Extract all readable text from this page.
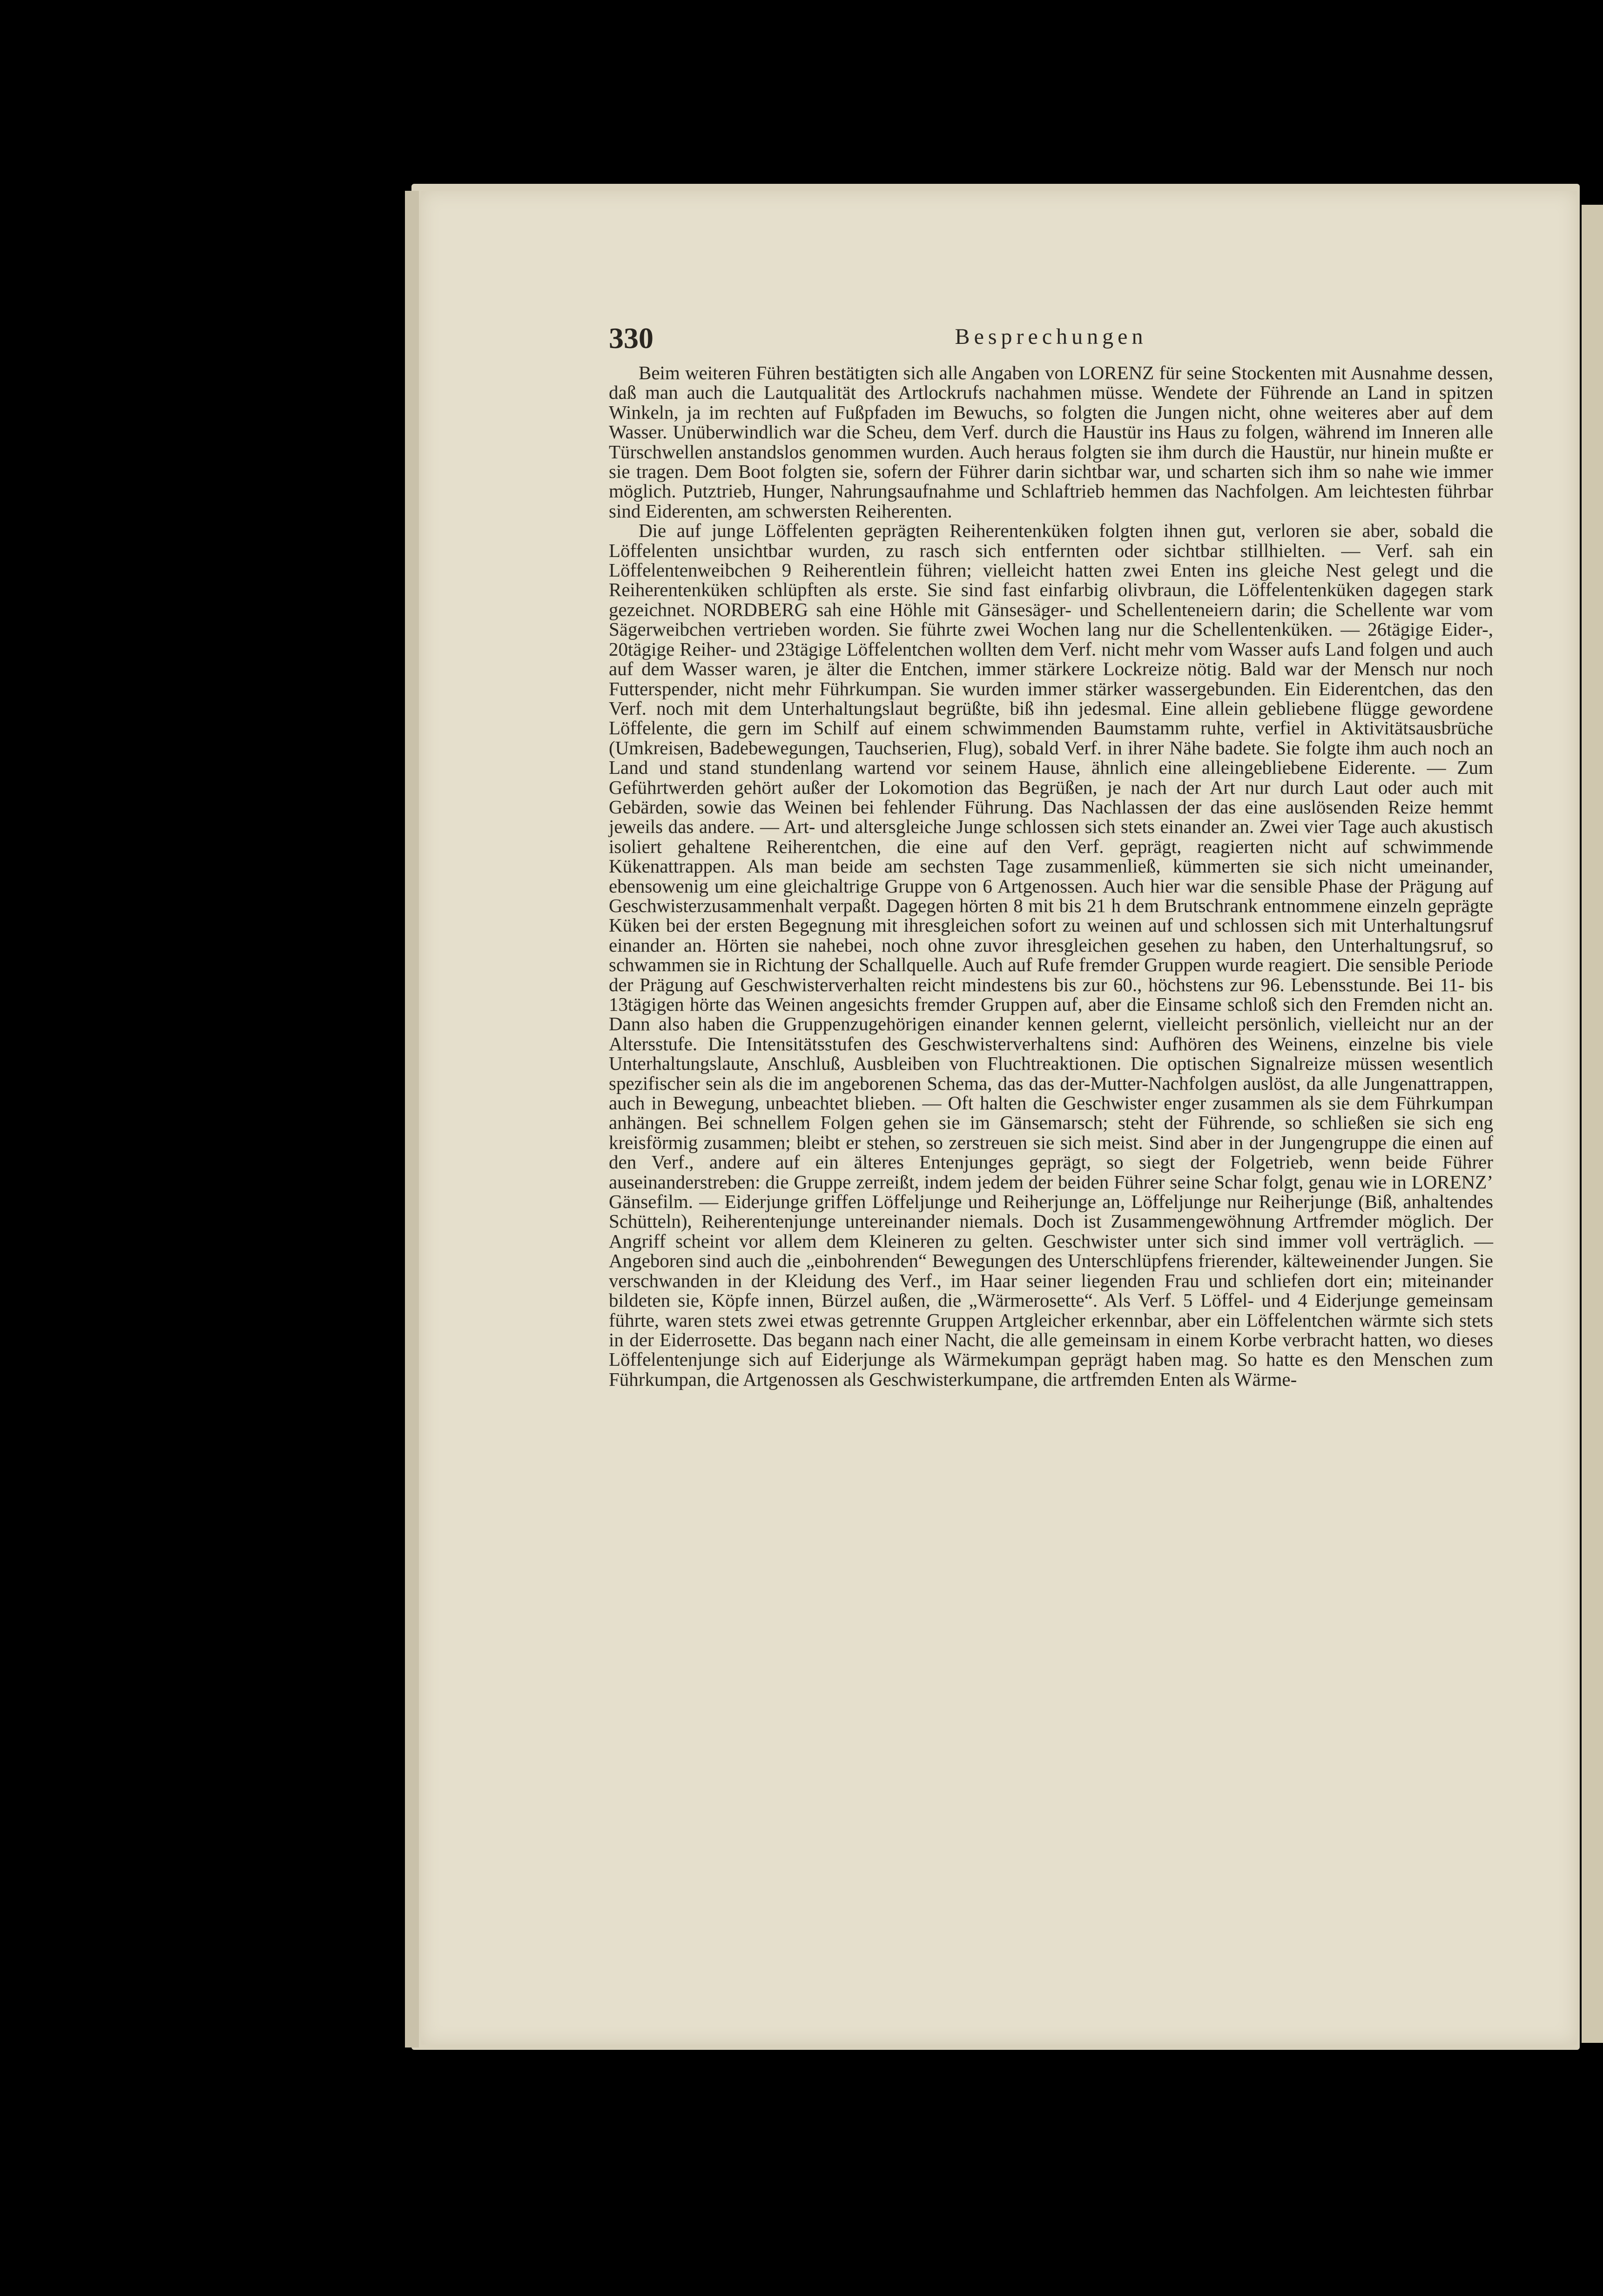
330	Besprechungen

Beim weiteren Führen bestätigten sich alle Angaben von LORENZ für seine Stockenten mit Ausnahme dessen, daß man auch die Lautqualität des Artlockrufs nachahmen müsse. Wendete der Führende an Land in spitzen Winkeln, ja im rechten auf Fußpfaden im Bewuchs, so folgten die Jungen nicht, ohne weiteres aber auf dem Wasser. Unüberwindlich war die Scheu, dem Verf. durch die Haustür ins Haus zu folgen, während im Inneren alle Türschwellen anstandslos genommen wurden. Auch heraus folgten sie ihm durch die Haustür, nur hinein mußte er sie tragen. Dem Boot folgten sie, sofern der Führer darin sichtbar war, und scharten sich ihm so nahe wie immer möglich. Putztrieb, Hunger, Nahrungsaufnahme und Schlaftrieb hemmen das Nachfolgen. Am leichtesten führbar sind Eiderenten, am schwersten Reiherenten.

Die auf junge Löffelenten geprägten Reiherentenküken folgten ihnen gut, verloren sie aber, sobald die Löffelenten unsichtbar wurden, zu rasch sich entfernten oder sichtbar stillhielten. — Verf. sah ein Löffelentenweibchen 9 Reiherentlein führen; vielleicht hatten zwei Enten ins gleiche Nest gelegt und die Reiherentenküken schlüpften als erste. Sie sind fast einfarbig olivbraun, die Löffelentenküken dagegen stark gezeichnet. NORDBERG sah eine Höhle mit Gänsesäger- und Schellenteneiern darin; die Schellente war vom Sägerweibchen vertrieben worden. Sie führte zwei Wochen lang nur die Schellentenküken. — 26tägige Eider-, 20tägige Reiher- und 23tägige Löffelentchen wollten dem Verf. nicht mehr vom Wasser aufs Land folgen und auch auf dem Wasser waren, je älter die Entchen, immer stärkere Lockreize nötig. Bald war der Mensch nur noch Futterspender, nicht mehr Führkumpan. Sie wurden immer stärker wassergebunden. Ein Eiderentchen, das den Verf. noch mit dem Unterhaltungslaut begrüßte, biß ihn jedesmal. Eine allein gebliebene flügge gewordene Löffelente, die gern im Schilf auf einem schwimmenden Baumstamm ruhte, verfiel in Aktivitätsausbrüche (Umkreisen, Badebewegungen, Tauchserien, Flug), sobald Verf. in ihrer Nähe badete. Sie folgte ihm auch noch an Land und stand stundenlang wartend vor seinem Hause, ähnlich eine alleingebliebene Eiderente. — Zum Geführtwerden gehört außer der Lokomotion das Begrüßen, je nach der Art nur durch Laut oder auch mit Gebärden, sowie das Weinen bei fehlender Führung. Das Nachlassen der das eine auslösenden Reize hemmt jeweils das andere. — Art- und altersgleiche Junge schlossen sich stets einander an. Zwei vier Tage auch akustisch isoliert gehaltene Reiherentchen, die eine auf den Verf. geprägt, reagierten nicht auf schwimmende Kükenattrappen. Als man beide am sechsten Tage zusammenließ, kümmerten sie sich nicht umeinander, ebensowenig um eine gleichaltrige Gruppe von 6 Artgenossen. Auch hier war die sensible Phase der Prägung auf Geschwisterzusammenhalt verpaßt. Dagegen hörten 8 mit bis 21 h dem Brutschrank entnommene einzeln geprägte Küken bei der ersten Begegnung mit ihresgleichen sofort zu weinen auf und schlossen sich mit Unterhaltungsruf einander an. Hörten sie nahebei, noch ohne zuvor ihresgleichen gesehen zu haben, den Unterhaltungsruf, so schwammen sie in Richtung der Schallquelle. Auch auf Rufe fremder Gruppen wurde reagiert. Die sensible Periode der Prägung auf Geschwisterverhalten reicht mindestens bis zur 60., höchstens zur 96. Lebensstunde. Bei 11- bis 13tägigen hörte das Weinen angesichts fremder Gruppen auf, aber die Einsame schloß sich den Fremden nicht an. Dann also haben die Gruppenzugehörigen einander kennen gelernt, vielleicht persönlich, vielleicht nur an der Altersstufe. Die Intensitätsstufen des Geschwisterverhaltens sind: Aufhören des Weinens, einzelne bis viele Unterhaltungslaute, Anschluß, Ausbleiben von Fluchtreaktionen. Die optischen Signalreize müssen wesentlich spezifischer sein als die im angeborenen Schema, das das der-Mutter-Nachfolgen auslöst, da alle Jungenattrappen, auch in Bewegung, unbeachtet blieben. — Oft halten die Geschwister enger zusammen als sie dem Führkumpan anhängen. Bei schnellem Folgen gehen sie im Gänsemarsch; steht der Führende, so schließen sie sich eng kreisförmig zusammen; bleibt er stehen, so zerstreuen sie sich meist. Sind aber in der Jungengruppe die einen auf den Verf., andere auf ein älteres Entenjunges geprägt, so siegt der Folgetrieb, wenn beide Führer auseinanderstreben: die Gruppe zerreißt, indem jedem der beiden Führer seine Schar folgt, genau wie in LORENZ’ Gänsefilm. — Eiderjunge griffen Löffeljunge und Reiherjunge an, Löffeljunge nur Reiherjunge (Biß, anhaltendes Schütteln), Reiherentenjunge untereinander niemals. Doch ist Zusammengewöhnung Artfremder möglich. Der Angriff scheint vor allem dem Kleineren zu gelten. Geschwister unter sich sind immer voll verträglich. — Angeboren sind auch die „einbohrenden“ Bewegungen des Unterschlüpfens frierender, kälteweinender Jungen. Sie verschwanden in der Kleidung des Verf., im Haar seiner liegenden Frau und schliefen dort ein; miteinander bildeten sie, Köpfe innen, Bürzel außen, die „Wärmerosette“. Als Verf. 5 Löffel- und 4 Eiderjunge gemeinsam führte, waren stets zwei etwas getrennte Gruppen Artgleicher erkennbar, aber ein Löffelentchen wärmte sich stets in der Eiderrosette. Das begann nach einer Nacht, die alle gemeinsam in einem Korbe verbracht hatten, wo dieses Löffelentenjunge sich auf Eiderjunge als Wärmekumpan geprägt haben mag. So hatte es den Menschen zum Führkumpan, die Artgenossen als Geschwisterkumpane, die artfremden Enten als Wärme-
